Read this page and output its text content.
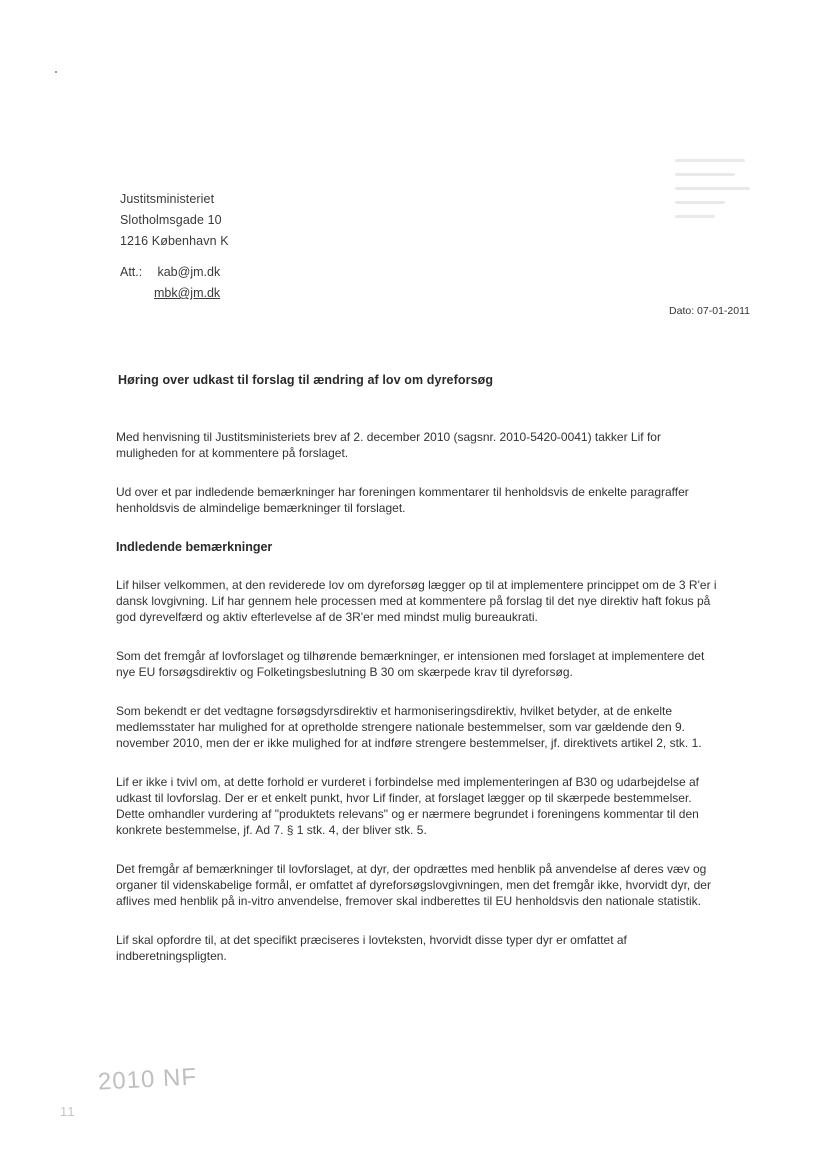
Justitsministeriet
Slotholmsgade 10
1216 København K
Att.: kab@jm.dk
mbk@jm.dk
Dato: 07-01-2011
Høring over udkast til forslag til ændring af lov om dyreforsøg

Med henvisning til Justitsministeriets brev af 2. december 2010 (sagsnr. 2010-5420-0041) takker Lif for muligheden for at kommentere på forslaget.

Ud over et par indledende bemærkninger har foreningen kommentarer til henholdsvis de enkelte paragraffer henholdsvis de almindelige bemærkninger til forslaget.

Indledende bemærkninger

Lif hilser velkommen, at den reviderede lov om dyreforsøg lægger op til at implementere princippet om de 3 R'er i dansk lovgivning. Lif har gennem hele processen med at kommentere på forslag til det nye direktiv haft fokus på god dyrevelfærd og aktiv efterlevelse af de 3R'er med mindst mulig bureaukrati.

Som det fremgår af lovforslaget og tilhørende bemærkninger, er intensionen med forslaget at implementere det nye EU forsøgsdirektiv og Folketingsbeslutning B 30 om skærpede krav til dyreforsøg.

Som bekendt er det vedtagne forsøgsdyrsdirektiv et harmoniseringsdirektiv, hvilket betyder, at de enkelte medlemsstater har mulighed for at opretholde strengere nationale bestemmelser, som var gældende den 9. november 2010, men der er ikke mulighed for at indføre strengere bestemmelser, jf. direktivets artikel 2, stk. 1.

Lif er ikke i tvivl om, at dette forhold er vurderet i forbindelse med implementeringen af B30 og udarbejdelse af udkast til lovforslag. Der er et enkelt punkt, hvor Lif finder, at forslaget lægger op til skærpede bestemmelser. Dette omhandler vurdering af "produktets relevans" og er nærmere begrundet i foreningens kommentar til den konkrete bestemmelse, jf. Ad 7. § 1 stk. 4, der bliver stk. 5.

Det fremgår af bemærkninger til lovforslaget, at dyr, der opdrættes med henblik på anvendelse af deres væv og organer til videnskabelige formål, er omfattet af dyreforsøgslovgivningen, men det fremgår ikke, hvorvidt dyr, der aflives med henblik på in-vitro anvendelse, fremover skal indberettes til EU henholdsvis den nationale statistik.

Lif skal opfordre til, at det specifikt præciseres i lovteksten, hvorvidt disse typer dyr er omfattet af indberetningspligten.

2010 NF
11
